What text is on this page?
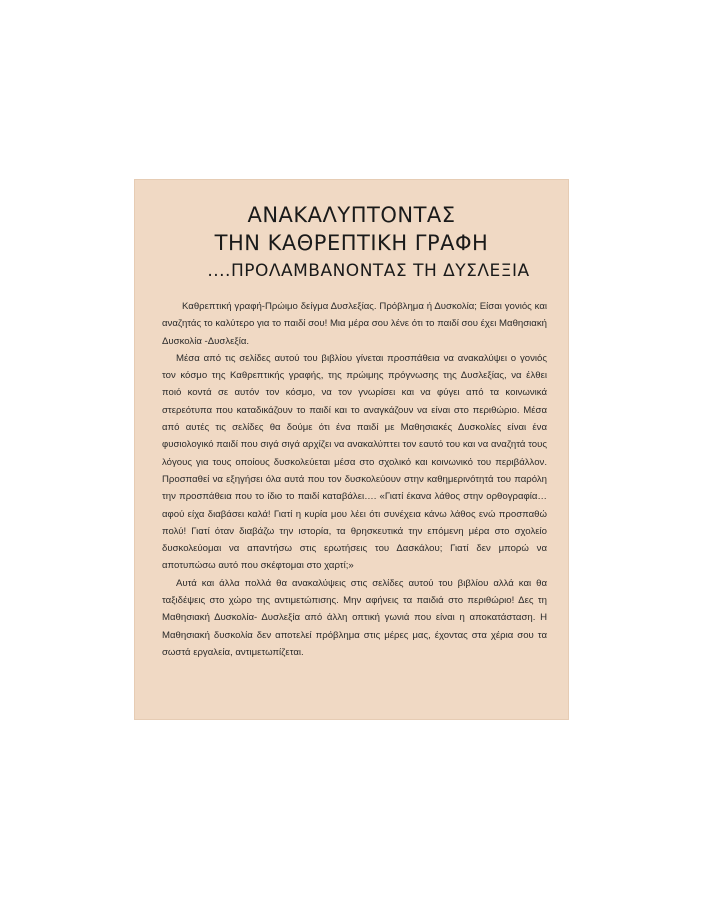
ΑΝΑΚΑΛΥΠΤΟΝΤΑΣ
ΤΗΝ ΚΑΘΡΕΠΤΙΚΗ ΓΡΑΦΗ
....ΠΡΟΛΑΜΒΑΝΟΝΤΑΣ ΤΗ ΔΥΣΛΕΞΙΑ

Καθρεπτική γραφή-Πρώιμο δείγμα Δυσλεξίας. Πρόβλημα ή Δυσκολία; Είσαι γονιός και αναζητάς το καλύτερο για το παιδί σου! Μια μέρα σου λένε ότι το παιδί σου έχει Μαθησιακή Δυσκολία -Δυσλεξία.

Μέσα από τις σελίδες αυτού του βιβλίου γίνεται προσπάθεια να ανακαλύψει ο γονιός τον κόσμο της Καθρεπτικής γραφής, της πρώιμης πρόγνωσης της Δυσλεξίας, να έλθει ποιό κοντά σε αυτόν τον κόσμο, να τον γνωρίσει και να φύγει από τα κοινωνικά στερεότυπα που καταδικάζουν το παιδί και το αναγκάζουν να είναι στο περιθώριο. Μέσα από αυτές τις σελίδες θα δούμε ότι ένα παιδί με Μαθησιακές Δυσκολίες είναι ένα φυσιολογικό παιδί που σιγά σιγά αρχίζει να ανακαλύπτει τον εαυτό του και να αναζητά τους λόγους για τους οποίους δυσκολεύεται μέσα στο σχολικό και κοινωνικό του περιβάλλον. Προσπαθεί να εξηγήσει όλα αυτά που τον δυσκολεύουν στην καθημερινότητά του παρόλη την προσπάθεια που το ίδιο το παιδί καταβάλει…. «Γιατί έκανα λάθος στην ορθογραφία…αφού είχα διαβάσει καλά! Γιατί η κυρία μου λέει ότι συνέχεια κάνω λάθος ενώ προσπαθώ πολύ! Γιατί όταν διαβάζω την ιστορία, τα θρησκευτικά την επόμενη μέρα στο σχολείο δυσκολεύομαι να απαντήσω στις ερωτήσεις του Δασκάλου; Γιατί δεν μπορώ να αποτυπώσω αυτό που σκέφτομαι στο χαρτί;»

Αυτά και άλλα πολλά θα ανακαλύψεις στις σελίδες αυτού του βιβλίου αλλά και θα ταξιδέψεις στο χώρο της αντιμετώπισης. Μην αφήνεις τα παιδιά στο περιθώριο! Δες τη Μαθησιακή Δυσκολία- Δυσλεξία από άλλη οπτική γωνιά που είναι η αποκατάσταση. Η Μαθησιακή δυσκολία δεν αποτελεί πρόβλημα στις μέρες μας, έχοντας στα χέρια σου τα σωστά εργαλεία, αντιμετωπίζεται.
